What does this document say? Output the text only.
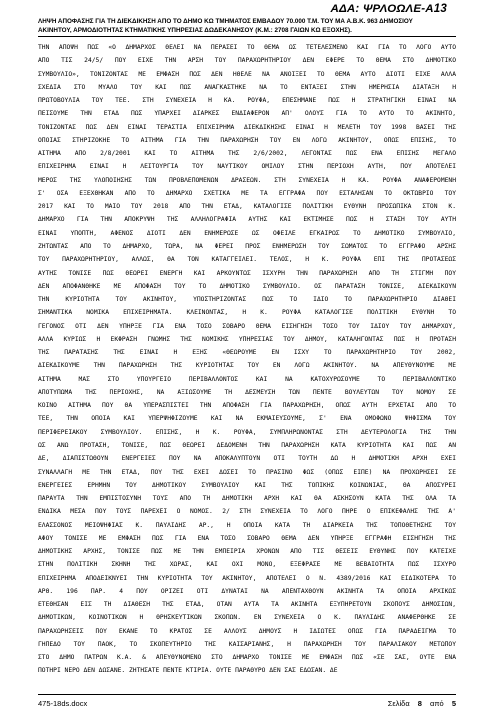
ΑΔΑ: ΨΡΛΟΩΛΕ-Α13
ΛΗΨΗ ΑΠΟΦΑΣΗΣ ΓΙΑ ΤΗ ΔΙΕΚΔΙΚΗΣΗ ΑΠΟ ΤΟ ΔΗΜΟ ΚΩ ΤΜΗΜΑΤΟΣ ΕΜΒΑΔΟΥ 70.000 Τ.Μ. ΤΟΥ ΜΑ Α.Β.Κ. 963 ΔΗΜΟΣΙΟΥ
ΑΚΙΝΗΤΟΥ, ΑΡΜΟΔΙΟΤΗΤΑΣ ΚΤΗΜΑΤΙΚΗΣ ΥΠΗΡΕΣΙΑΣ ΔΩΔΕΚΑΝΗΣΟΥ (Κ.Μ.: 2708 ΓΑΙΩΝ ΚΩ ΕΞΟΧΗΣ).
ΤΗΝ ΑΠΟΨΗ ΠΩΣ «Ο ΔΗΜΑΡΧΟΣ ΘΕΛΕΙ ΝΑ ΠΕΡΑΣΕΙ ΤΟ ΘΕΜΑ ΩΣ ΤΕΤΕΛΕΣΜΕΝΟ ΚΑΙ ΓΙΑ ΤΟ ΛΟΓΟ ΑΥΤΟ
ΑΠΟ ΤΙΣ 24/5/ ΠΟΥ ΕΙΧΕ ΤΗΝ ΑΡΣΗ ΤΟΥ ΠΑΡΑΧΩΡΗΤΗΡΙΟΥ ΔΕΝ ΕΦΕΡΕ ΤΟ ΘΕΜΑ ΣΤΟ ΔΗΜΟΤΙΚΟ
ΣΥΜΒΟΥΛΙΟ», ΤΟΝΙΖΟΝΤΑΣ ΜΕ ΕΜΦΑΣΗ ΠΩΣ ΔΕΝ ΗΘΕΛΕ ΝΑ ΑΝΟΙΞΕΙ ΤΟ ΘΕΜΑ ΑΥΤΟ ΔΙΟΤΙ ΕΙΧΕ ΑΛΛΑ
ΣΧΕΔΙΑ ΣΤΟ ΜΥΑΛΟ ΤΟΥ ΚΑΙ ΠΩΣ ΑΝΑΓΚΑΣΤΗΚΕ ΝΑ ΤΟ ΕΝΤΑΞΕΙ ΣΤΗΝ ΗΜΕΡΗΣΙΑ ΔΙΑΤΑΞΗ Η
ΠΡΩΤΟΒΟΥΛΙΑ ΤΟΥ ΤΕΕ. ΣΤΗ ΣΥΝΕΧΕΙΑ Η ΚΑ. ΡΟΥΦΑ, ΕΠΕΣΗΜΑΝΕ ΠΩΣ Η ΣΤΡΑΤΗΓΙΚΗ ΕΙΝΑΙ ΝΑ
ΠΕΙΣΟΥΜΕ ΤΗΝ ΕΤΑΔ ΠΩΣ ΥΠΑΡΧΕΙ ΔΙΑΡΚΕΣ ΕΝΔΙΑΦΕΡΟΝ ΑΠ' ΟΛΟΥΣ ΓΙΑ ΤΟ ΑΥΤΟ ΤΟ ΑΚΙΝΗΤΟ,
ΤΟΝΙΖΟΝΤΑΣ ΠΩΣ ΔΕΝ ΕΙΝΑΙ ΤΕΡΑΣΤΙΑ ΕΠΙΧΕΙΡΗΜΑ ΔΙΕΚΔΙΚΗΣΗΣ ΕΙΝΑΙ Η ΜΕΛΕΤΗ ΤΟΥ 1998 ΒΑΣΕΙ ΤΗΣ
ΟΠΟΙΑΣ ΣΤΗΡΙΖΟΚΗΕ ΤΟ ΑΙΤΗΜΑ ΓΙΑ ΤΗΝ ΠΑΡΑΧΩΡΗΣΗ ΤΟΥ ΕΝ ΛΟΓΩ ΑΚΙΝΗΤΟΥ, ΟΠΩΣ ΕΠΙΣΗΣ, ΤΟ
ΑΙΤΗΜΑ ΑΠΟ 2/8/2001 ΚΑΙ ΤΟ ΑΙΤΗΜΑ ΤΗΣ 2/6/2002, ΛΕΓΟΝΤΑΣ ΠΩΣ ΕΝΑ ΕΠΙΣΗΣ ΜΕΓΑΛΟ
ΕΠΙΧΕΙΡΗΜΑ ΕΙΝΑΙ Η ΛΕΙΤΟΥΡΓΙΑ ΤΟΥ ΝΑΥΤΙΚΟΥ ΟΜΙΛΟΥ ΣΤΗΝ ΠΕΡΙΟΧΗ ΑΥΤΗ, ΠΟΥ ΑΠΟΤΕΛΕΙ
ΜΕΡΟΣ ΤΗΣ ΥΛΟΠΟΙΗΣΗΣ ΤΩΝ ΠΡΟΒΛΕΠΟΜΕΝΩΝ ΔΡΑΣΕΩΝ. ΣΤΗ ΣΥΝΕΧΕΙΑ Η ΚΑ. ΡΟΥΦΑ ΑΝΑΦΕΡΟΜΕΝΗ
Σ' ΟΣΑ ΕΞΕΧΘΗΚΑΝ ΑΠΟ ΤΟ ΔΗΜΑΡΧΟ ΣΧΕΤΙΚΑ ΜΕ ΤΑ ΕΓΓΡΑΦΑ ΠΟΥ ΕΣΤΑΛΗΣΑΝ ΤΟ ΟΚΤΩΒΡΙΟ ΤΟΥ
2017 ΚΑΙ ΤΟ ΜΑΙΟ ΤΟΥ 2018 ΑΠΟ ΤΗΝ ΕΤΑΔ, ΚΑΤΑΛΟΓΙΣΕ ΠΟΛΙΤΙΚΗ ΕΥΘΥΝΗ ΠΡΟΣΩΠΙΚΑ ΣΤΟΝ Κ.
ΔΗΜΑΡΧΟ ΓΙΑ ΤΗΝ ΑΠΟΚΡΥΨΗ ΤΗΣ ΑΛΛΗΛΟΓΡΑΦΙΑ ΑΥΤΗΣ ΚΑΙ ΕΚΤΙΜΗΣΕ ΠΩΣ Η ΣΤΑΣΗ ΤΟΥ ΑΥΤΗ
ΕΙΝΑΙ ΥΠΟΠΤΗ, ΑΦΕΝΟΣ ΔΙΟΤΙ ΔΕΝ ΕΝΗΜΕΡΩΣΕ ΩΣ ΟΦΕΙΛΕ ΕΓΚΑΙΡΩΣ ΤΟ ΔΗΜΟΤΙΚΟ ΣΥΜΒΟΥΛΙΟ,
ΖΗΤΩΝΤΑΣ ΑΠΟ ΤΟ ΔΗΜΑΡΧΟ, ΤΩΡΑ, ΝΑ ΦΕΡΕΙ ΠΡΟΣ ΕΝΗΜΕΡΩΣΗ ΤΟΥ ΣΩΜΑΤΟΣ ΤΟ ΕΓΓΡΑΦΟ ΑΡΣΗΣ
ΤΟΥ ΠΑΡΑΧΩΡΗΤΗΡΙΟΥ, ΑΛΛΩΣ, ΘΑ ΤΟΝ ΚΑΤΑΓΓΕΙΛΕΙ. ΤΕΛΟΣ, Η Κ. ΡΟΥΦΑ ΕΠΙ ΤΗΣ ΠΡΟΤΑΣΕΩΣ
ΑΥΤΗΣ ΤΟΝΙΣΕ ΠΩΣ ΘΕΩΡΕΙ ΕΝΕΡΓΗ ΚΑΙ ΑΡΚΟΥΝΤΩΣ ΙΣΧΥΡΗ ΤΗΝ ΠΑΡΑΧΩΡΗΣΗ ΑΠΟ ΤΗ ΣΤΙΓΜΗ ΠΟΥ
ΔΕΝ ΑΠΟΦΑΝΘΗΚΕ ΜΕ ΑΠΟΦΑΣΗ ΤΟΥ ΤΟ ΔΗΜΟΤΙΚΟ ΣΥΜΒΟΥΛΙΟ. ΟΣ ΠΑΡΑΤΑΣΗ ΤΟΝΙΣΕ, ΔΙΕΚΔΙΚΟΥΝ
ΤΗΝ ΚΥΡΙΟΤΗΤΑ ΤΟΥ ΑΚΙΝΗΤΟΥ, ΥΠΟΣΤΗΡΙΖΟΝΤΑΣ ΠΩΣ ΤΟ ΙΔΙΟ ΤΟ ΠΑΡΑΧΩΡΗΤΗΡΙΟ ΔΙΑΘΕΙ
ΣΗΜΑΝΤΙΚΑ ΝΟΜΙΚΑ ΕΠΙΧΕΙΡΗΜΑΤΑ. ΚΛΕΙΝΟΝΤΑΣ, Η Κ. ΡΟΥΦΑ ΚΑΤΑΛΟΓΙΣΕ ΠΟΛΙΤΙΚΗ ΕΥΘΥΝΗ ΤΟ
ΓΕΓΟΝΟΣ ΟΤΙ ΔΕΝ ΥΠΗΡΞΕ ΓΙΑ ΕΝΑ ΤΟΣΟ ΣΟΒΑΡΟ ΘΕΜΑ ΕΙΣΗΓΗΣΗ ΤΟΣΟ ΤΟΥ ΙΔΙΟΥ ΤΟΥ ΔΗΜΑΡΧΟΥ,
ΑΛΛΑ ΚΥΡΙΩΣ Η ΕΚΦΡΑΣΗ ΓΝΩΜΗΣ ΤΗΣ ΝΟΜΙΚΗΣ ΥΠΗΡΕΣΙΑΣ ΤΟΥ ΔΗΜΟΥ, ΚΑΤΑΛΗΓΟΝΤΑΣ ΠΩΣ Η ΠΡΟΤΑΣΗ
ΤΗΣ ΠΑΡΑΤΑΣΗΣ ΤΗΣ ΕΙΝΑΙ Η ΕΞΗΣ «ΘΕΩΡΟΥΜΕ ΕΝ ΙΣΧΥ ΤΟ ΠΑΡΑΧΩΡΗΤΗΡΙΟ ΤΟΥ 2002,
ΔΙΕΚΔΙΚΟΥΜΕ ΤΗΝ ΠΑΡΑΧΩΡΗΣΗ ΤΗΣ ΚΥΡΙΟΤΗΤΑΣ ΤΟΥ ΕΝ ΛΟΓΩ ΑΚΙΝΗΤΟΥ. ΝΑ ΑΠΕΥΘΥΝΟΥΜΕ ΜΕ
ΑΙΤΗΜΑ ΜΑΣ ΣΤΟ ΥΠΟΥΡΓΕΙΟ ΠΕΡΙΒΑΛΛΟΝΤΟΣ ΚΑΙ ΝΑ ΚΑΤΟΧΥΡΩΣΟΥΜΕ ΤΟ ΠΕΡΙΒΑΛΛΟΝΤΙΚΟ
ΑΠΟΤΥΠΩΜΑ ΤΗΣ ΠΕΡΙΟΧΗΣ, ΝΑ ΑΞΙΩΣΟΥΜΕ ΤΗ ΔΕΣΜΕΥΣΗ ΤΩΝ ΠΕΝΤΕ ΒΟΥΛΕΥΤΩΝ ΤΟΥ ΝΟΜΟΥ ΣΕ
ΚΟΙΝΟ ΑΙΤΗΜΑ ΠΟΥ ΘΑ ΥΠΕΡΑΣΠΙΣΤΕΙ ΤΗΝ ΑΠΟΦΑΣΗ ΓΙΑ ΠΑΡΑΧΩΡΗΣΗ, ΟΠΩΣ ΑΥΤΗ ΕΡΧΕΤΑΙ ΑΠΟ ΤΟ
ΤΕΕ, ΤΗΝ ΟΠΟΙΑ ΚΑΙ ΥΠΕΡΨΗΦΙΖΟΥΜΕ ΚΑΙ ΝΑ ΕΚΜΑΙΕΥΣΟΥΜΕ, Σ' ΕΝΑ ΟΜΟΦΩΝΟ ΨΗΦΙΣΜΑ ΤΟΥ
ΠΕΡΙΦΕΡΕΙΑΚΟΥ ΣΥΜΒΟΥΛΙΟΥ. ΕΠΙΣΗΣ, Η Κ. ΡΟΥΦΑ, ΣΥΜΠΛΗΡΩΝΟΝΤΑΣ ΣΤΗ ΔΕΥΤΕΡΟΛΟΓΙΑ ΤΗΣ ΤΗΝ
ΩΣ ΑΝΩ ΠΡΟΤΑΣΗ, ΤΟΝΙΣΕ, ΠΩΣ ΘΕΩΡΕΙ ΔΕΔΟΜΕΝΗ ΤΗΝ ΠΑΡΑΧΩΡΗΣΗ ΚΑΤΑ ΚΥΡΙΟΤΗΤΑ ΚΑΙ ΠΩΣ ΑΝ
ΔΕ, ΔΙΑΠΙΣΤΩΘΟΥΝ ΕΝΕΡΓΕΙΕΣ ΠΟΥ ΝΑ ΑΠΟΚΑΛΥΠΤΟΥΝ ΟΤΙ ΤΟΥΤΗ ΔΩ Η ΔΗΜΟΤΙΚΗ ΑΡΧΗ ΕΧΕΙ
ΣΥΝΑΛΛΑΓΗ ΜΕ ΤΗΝ ΕΤΑΔ, ΠΟΥ ΤΗΣ ΕΧΕΙ ΔΩΣΕΙ ΤΟ ΠΡΑΣΙΝΟ ΦΩΣ (ΟΠΩΣ ΕΙΠΕ) ΝΑ ΠΡΟΧΩΡΗΣΕΙ ΣΕ
ΕΝΕΡΓΕΙΕΣ ΕΡΗΜΗΝ ΤΟΥ ΔΗΜΟΤΙΚΟΥ ΣΥΜΒΟΥΛΙΟΥ ΚΑΙ ΤΗΣ ΤΟΠΙΚΗΣ ΚΟΙΝΩΝΙΑΣ, ΘΑ ΑΠΟΣΥΡΕΙ
ΠΑΡΑΥΤΑ ΤΗΝ ΕΜΠΙΣΤΟΣΥΝΗ ΤΟΥΣ ΑΠΟ ΤΗ ΔΗΜΟΤΙΚΗ ΑΡΧΗ ΚΑΙ ΘΑ ΑΣΚΗΣΟΥΝ ΚΑΤΑ ΤΗΣ ΟΛΑ ΤΑ
ΕΝΔΙΚΑ ΜΕΣΑ ΠΟΥ ΤΟΥΣ ΠΑΡΕΧΕΙ Ο ΝΟΜΟΣ. 2/ ΣΤΗ ΣΥΝΕΧΕΙΑ ΤΟ ΛΟΓΟ ΠΗΡΕ Ο ΕΠΙΚΕΦΑΛΗΣ ΤΗΣ Α'
ΕΛΑΣΣΟΝΟΣ ΜΕΙΟΨΗΦΙΑΣ Κ. ΠΑΥΛΙΔΗΣ ΑΡ., Η ΟΠΟΙΑ ΚΑΤΑ ΤΗ ΔΙΑΡΚΕΙΑ ΤΗΣ ΤΟΠΟΘΕΤΗΣΗΣ ΤΟΥ
ΑΦΟΥ ΤΟΝΙΣΕ ΜΕ ΕΜΦΑΣΗ ΠΩΣ ΓΙΑ ΕΝΑ ΤΟΣΟ ΣΟΒΑΡΟ ΘΕΜΑ ΔΕΝ ΥΠΗΡΞΕ ΕΓΓΡΑΦΗ ΕΙΣΗΓΗΣΗ ΤΗΣ
ΔΗΜΟΤΙΚΗΣ ΑΡΧΗΣ, ΤΟΝΙΣΕ ΠΩΣ ΜΕ ΤΗΝ ΕΜΠΕΙΡΙΑ ΧΡΟΝΩΝ ΑΠΟ ΤΙΣ ΘΕΣΕΙΣ ΕΥΘΥΝΗΣ ΠΟΥ ΚΑΤΕΙΧΕ
ΣΤΗΝ ΠΟΛΙΤΙΚΗ ΣΚΗΝΗ ΤΗΣ ΧΩΡΑΣ, ΚΑΙ ΟΧΙ ΜΟΝΟ, ΕΞΕΦΡΑΣΕ ΜΕ ΒΕΒΑΙΟΤΗΤΑ ΠΩΣ ΙΣΧΥΡΟ
ΕΠΙΧΕΙΡΗΜΑ ΑΠΟΔΕΙΚΝΥΕΙ ΤΗΝ ΚΥΡΙΟΤΗΤΑ ΤΟΥ ΑΚΙΝΗΤΟΥ, ΑΠΟΤΕΛΕΙ Ο Ν. 4389/2016 ΚΑΙ ΕΙΔΙΚΟΤΕΡΑ ΤΟ
ΑΡΘ. 196 ΠΑΡ. 4 ΠΟΥ ΟΡΙΖΕΙ ΟΤΙ ΔΥΝΑΤΑΙ ΝΑ ΑΠΕΝΤΑΧΘΟΥΝ ΑΚΙΝΗΤΑ ΤΑ ΟΠΟΙΑ ΑΡΧΙΚΩΣ
ΕΤΕΘΗΣΑΝ ΕΙΣ ΤΗ ΔΙΑΘΕΣΗ ΤΗΣ ΕΤΑΔ, ΟΤΑΝ ΑΥΤΑ ΤΑ ΑΚΙΝΗΤΑ ΕΞΥΠΗΡΕΤΟΥΝ ΣΚΟΠΟΥΣ ΔΗΜΟΣΙΩΝ,
ΔΗΜΟΤΙΚΩΝ, ΚΟΙΝΟΤΙΚΩΝ Η ΘΡΗΣΚΕΥΤΙΚΩΝ ΣΚΟΠΩΝ. ΕΝ ΣΥΝΕΧΕΙΑ Ο Κ. ΠΑΥΛΙΔΗΣ ΑΝΑΦΕΡΘΗΚΕ ΣΕ
ΠΑΡΑΧΩΡΗΣΕΙΣ ΠΟΥ ΕΚΑΝΕ ΤΟ ΚΡΑΤΟΣ ΣΕ ΑΛΛΟΥΣ ΔΗΜΟΥΣ Η ΙΔΙΩΤΕΣ ΟΠΩΣ ΓΙΑ ΠΑΡΑΔΕΙΓΜΑ ΤΟ
ΓΗΠΕΔΟ ΤΟΥ ΠΑΟΚ, ΤΟ ΣΚΟΠΕΥΤΗΡΙΟ ΤΗΣ ΚΑΙΣΑΡΙΑΝΗΣ, Η ΠΑΡΑΧΩΡΗΣΗ ΤΟΥ ΠΑΡΑΛΙΑΚΟΥ ΜΕΤΩΠΟΥ
ΣΤΟ ΔΗΜΟ ΠΑΤΡΩΝ Κ.Α. & ΑΠΕΥΘΥΝΟΜΕΝΟ ΣΤΟ ΔΗΜΑΡΧΟ ΤΟΝΙΣΕ ΜΕ ΕΜΦΑΣΗ ΠΩΣ «ΣΕ ΣΑΣ, ΟΥΤΕ ΕΝΑ
ΠΟΤΗΡΙ ΝΕΡΟ ΔΕΝ ΔΩΣΑΝΕ. ΖΗΤΗΣΑΤΕ ΠΕΝΤΕ ΚΤΙΡΙΑ. ΟΥΤΕ ΠΑΡΑΘΥΡΟ ΔΕΝ ΣΑΣ ΕΔΩΣΑΝ. ΔΕ
475-18ds.docx	Σελίδα 8 από 5
